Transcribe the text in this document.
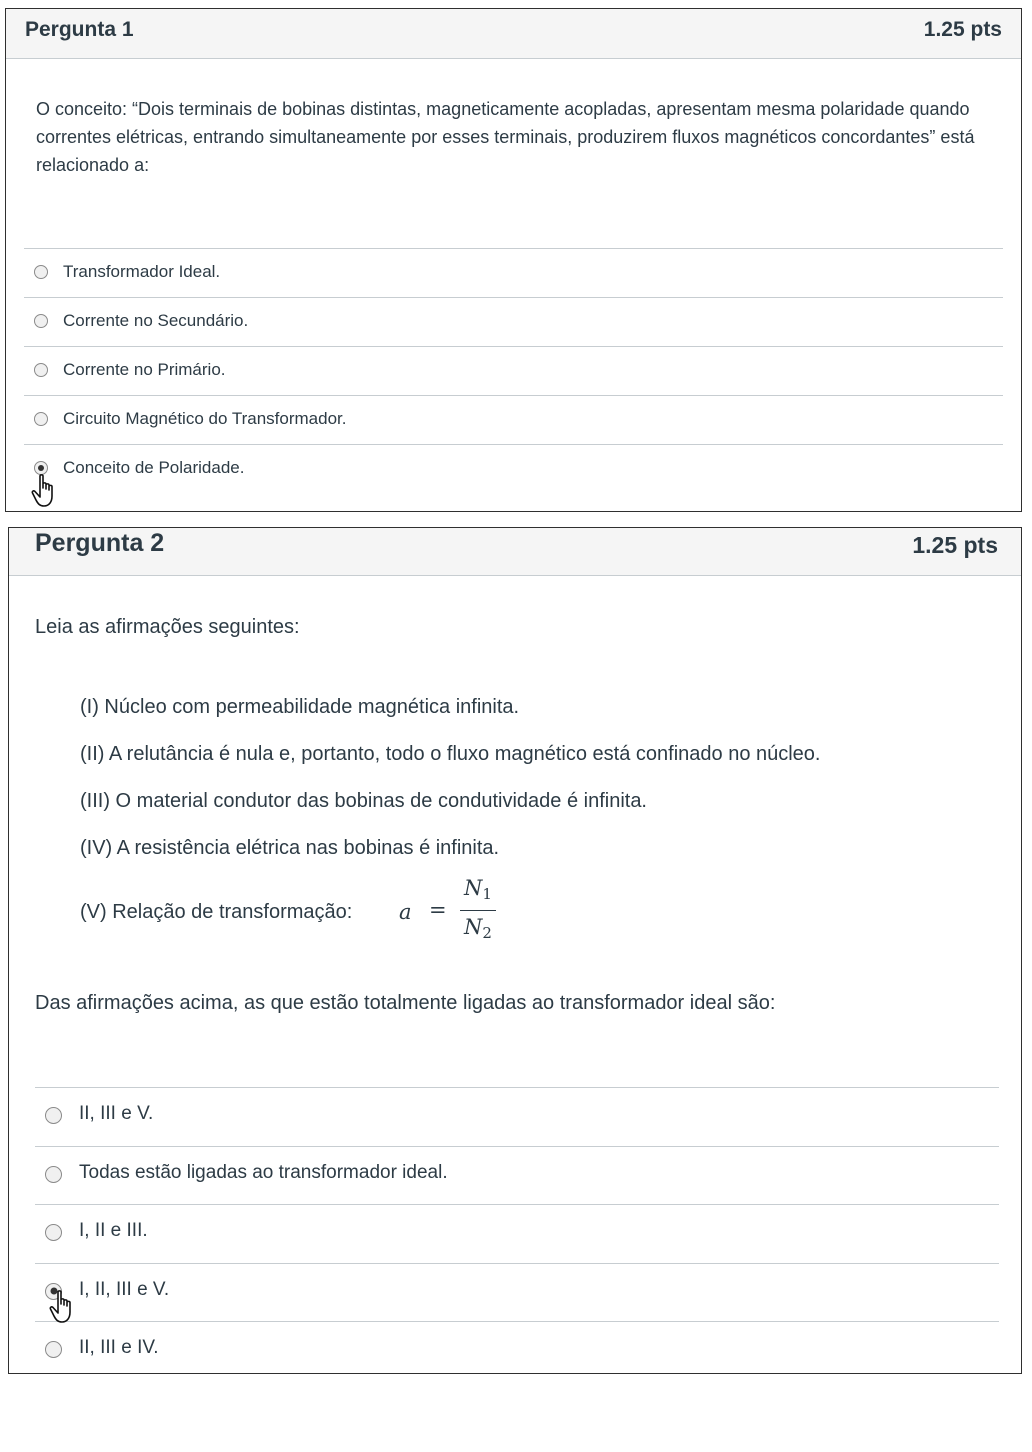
Pergunta 1	1.25 pts
O conceito: “Dois terminais de bobinas distintas, magneticamente acopladas, apresentam mesma polaridade quando correntes elétricas, entrando simultaneamente por esses terminais, produzirem fluxos magnéticos concordantes” está relacionado a:
Transformador Ideal.
Corrente no Secundário.
Corrente no Primário.
Circuito Magnético do Transformador.
Conceito de Polaridade.
Pergunta 2	1.25 pts
Leia as afirmações seguintes:
(I) Núcleo com permeabilidade magnética infinita.
(II) A relutância é nula e, portanto, todo o fluxo magnético está confinado no núcleo.
(III) O material condutor das bobinas de condutividade é infinita.
(IV) A resistência elétrica nas bobinas é infinita.
(V) Relação de transformação: a =
$N_1$
$N_2$
Das afirmações acima, as que estão totalmente ligadas ao transformador ideal são:
II, III e V.
Todas estão ligadas ao transformador ideal.
I, II e III.
I, II, III e V.
II, III e IV.
